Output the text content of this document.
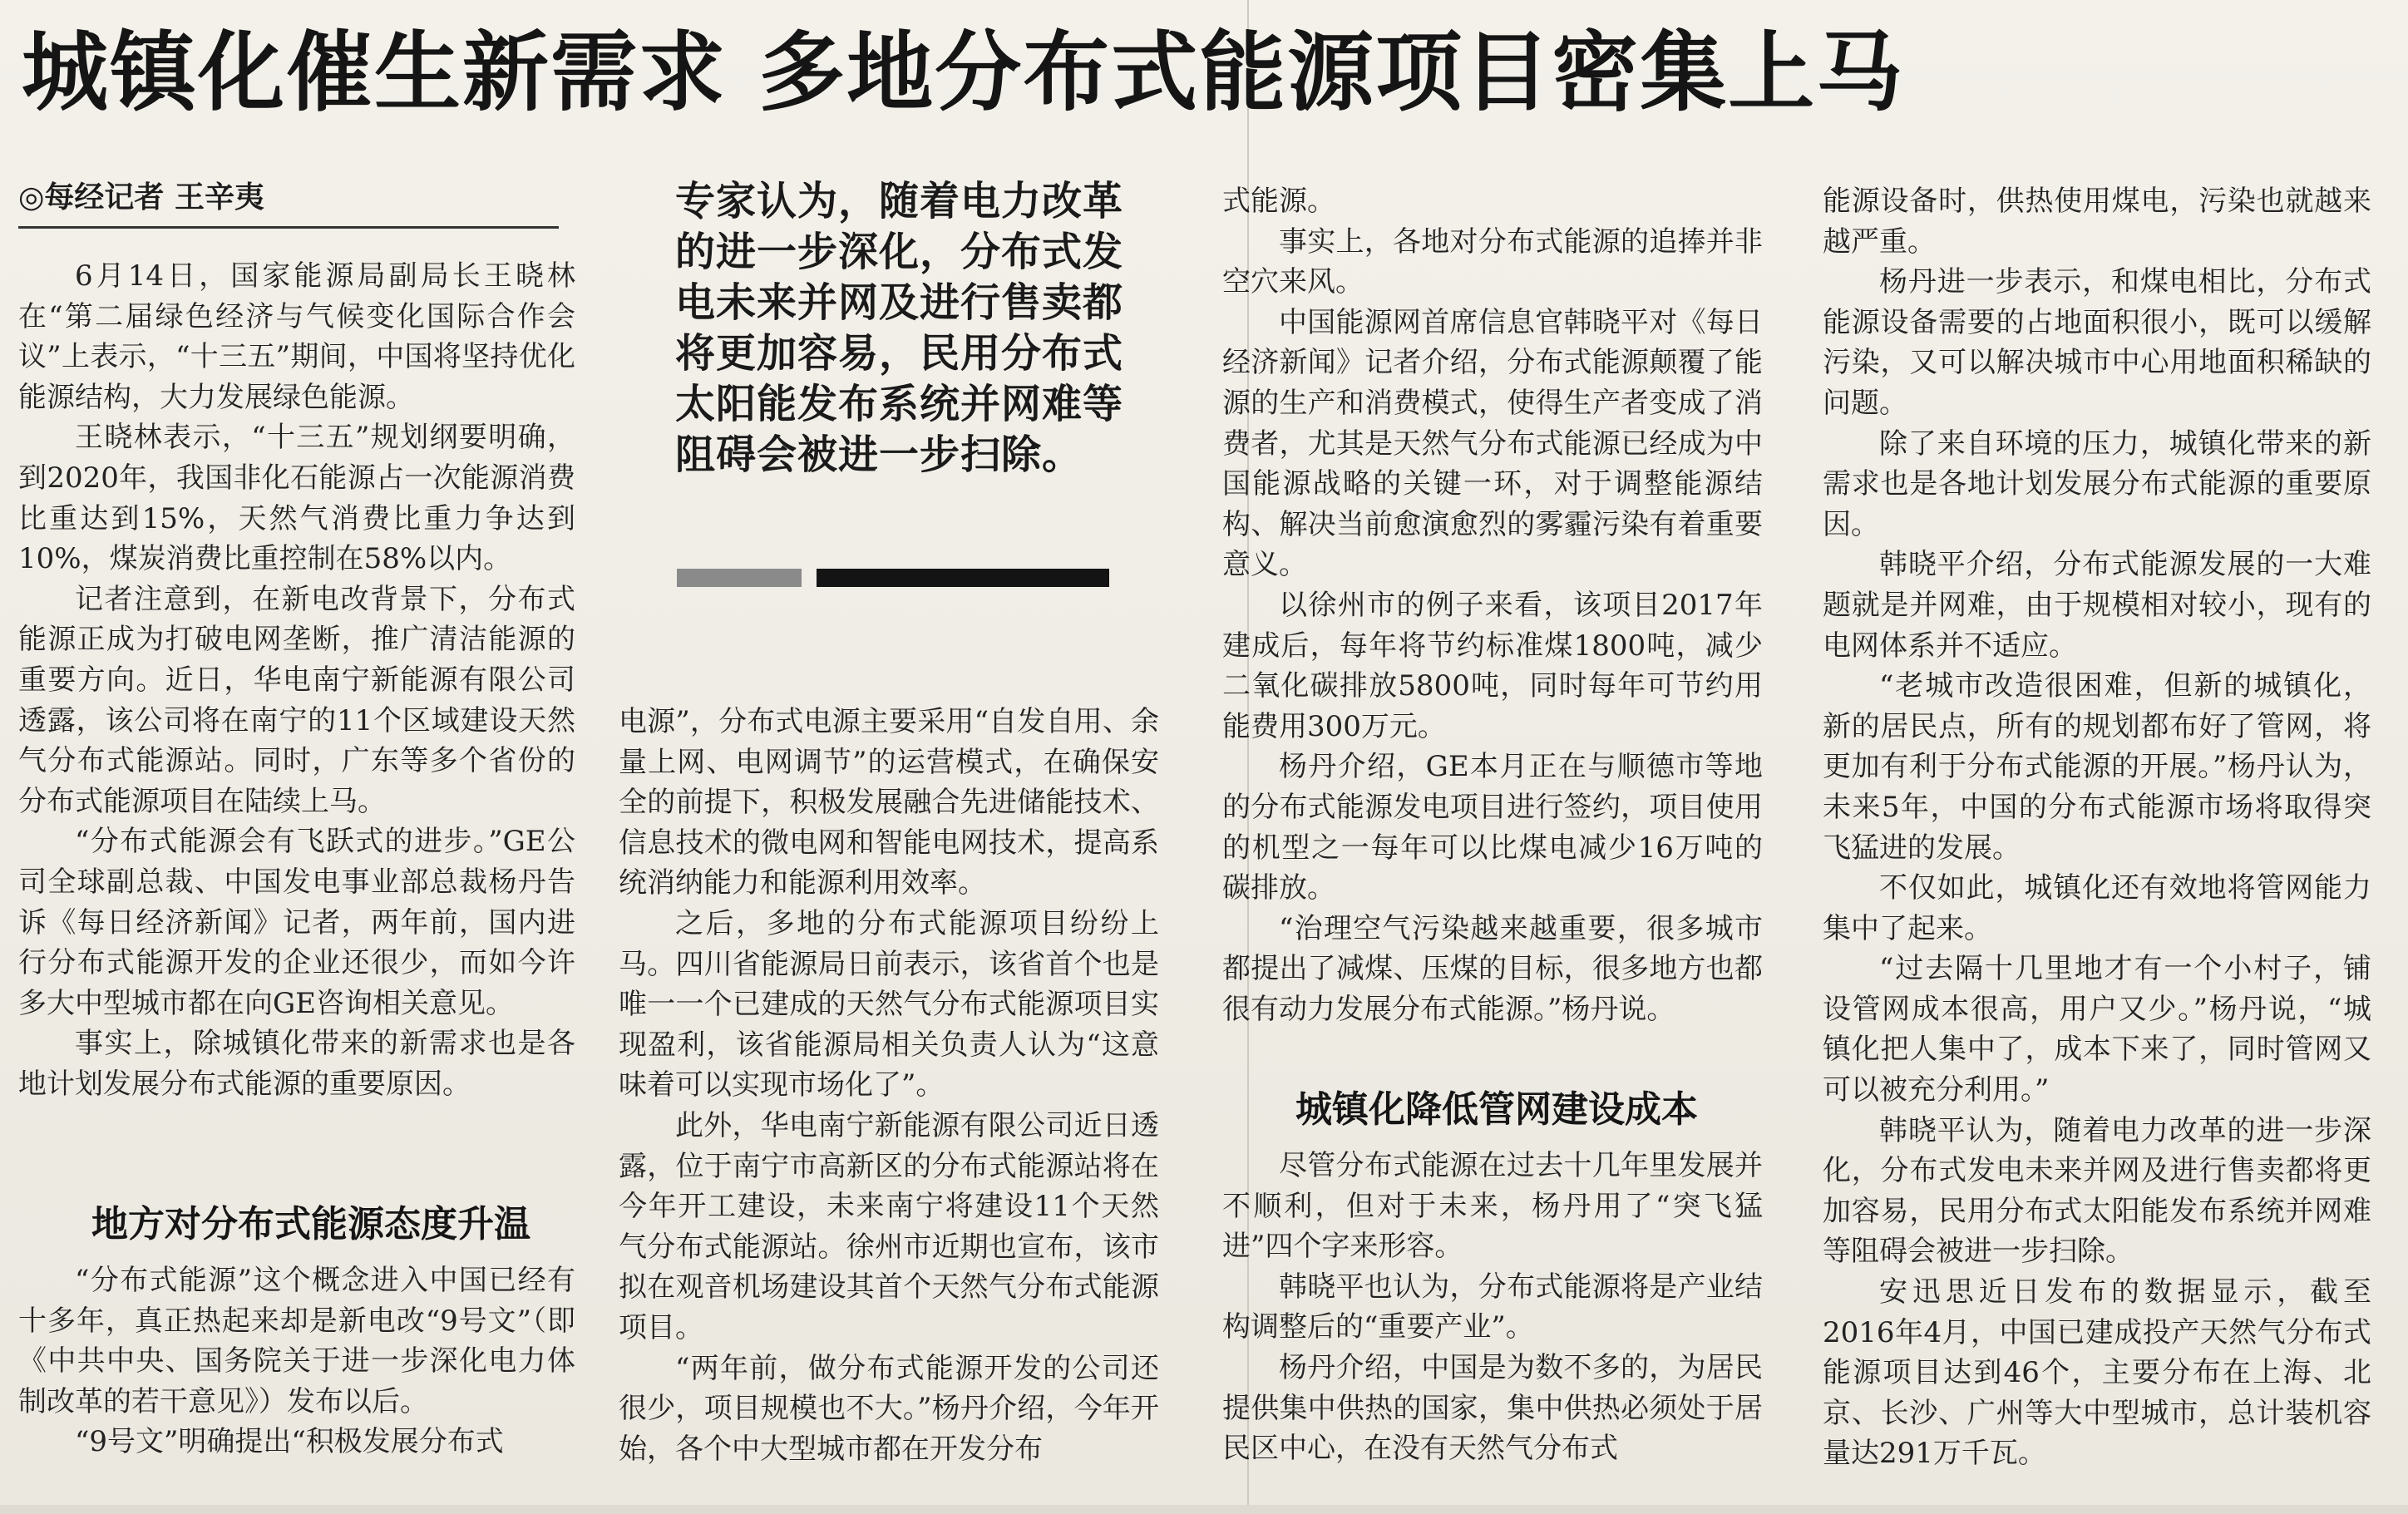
城镇化催生新需求 多地分布式能源项目密集上马
◎每经记者 王辛夷

6月14日，国家能源局副局长王晓林在“第二届绿色经济与气候变化国际合作会议”上表示，“十三五”期间，中国将坚持优化能源结构，大力发展绿色能源。

王晓林表示，“十三五”规划纲要明确，到2020年，我国非化石能源占一次能源消费比重达到15%，天然气消费比重力争达到10%，煤炭消费比重控制在58%以内。

记者注意到，在新电改背景下，分布式能源正成为打破电网垄断，推广清洁能源的重要方向。近日，华电南宁新能源有限公司透露，该公司将在南宁的11个区域建设天然气分布式能源站。同时，广东等多个省份的分布式能源项目在陆续上马。

“分布式能源会有飞跃式的进步。”GE公司全球副总裁、中国发电事业部总裁杨丹告诉《每日经济新闻》记者，两年前，国内进行分布式能源开发的企业还很少，而如今许多大中型城市都在向GE咨询相关意见。

事实上，除城镇化带来的新需求也是各地计划发展分布式能源的重要原因。

地方对分布式能源态度升温

“分布式能源”这个概念进入中国已经有十多年，真正热起来却是新电改“9号文”（即《中共中央、国务院关于进一步深化电力体制改革的若干意见》）发布以后。

“9号文”明确提出“积极发展分布式

专家认为，随着电力改革的进一步深化，分布式发电未来并网及进行售卖都将更加容易，民用分布式太阳能发布系统并网难等阻碍会被进一步扫除。

电源”，分布式电源主要采用“自发自用、余量上网、电网调节”的运营模式，在确保安全的前提下，积极发展融合先进储能技术、信息技术的微电网和智能电网技术，提高系统消纳能力和能源利用效率。

之后，多地的分布式能源项目纷纷上马。四川省能源局日前表示，该省首个也是唯一一个已建成的天然气分布式能源项目实现盈利，该省能源局相关负责人认为“这意味着可以实现市场化了”。

此外，华电南宁新能源有限公司近日透露，位于南宁市高新区的分布式能源站将在今年开工建设，未来南宁将建设11个天然气分布式能源站。徐州市近期也宣布，该市拟在观音机场建设其首个天然气分布式能源项目。

“两年前，做分布式能源开发的公司还很少，项目规模也不大。”杨丹介绍，今年开始，各个中大型城市都在开发分布

式能源。

事实上，各地对分布式能源的追捧并非空穴来风。

中国能源网首席信息官韩晓平对《每日经济新闻》记者介绍，分布式能源颠覆了能源的生产和消费模式，使得生产者变成了消费者，尤其是天然气分布式能源已经成为中国能源战略的关键一环，对于调整能源结构、解决当前愈演愈烈的雾霾污染有着重要意义。

以徐州市的例子来看，该项目2017年建成后，每年将节约标准煤1800吨，减少二氧化碳排放5800吨，同时每年可节约用能费用300万元。

杨丹介绍，GE本月正在与顺德市等地的分布式能源发电项目进行签约，项目使用的机型之一每年可以比煤电减少16万吨的碳排放。

“治理空气污染越来越重要，很多城市都提出了减煤、压煤的目标，很多地方也都很有动力发展分布式能源。”杨丹说。

城镇化降低管网建设成本

尽管分布式能源在过去十几年里发展并不顺利，但对于未来，杨丹用了“突飞猛进”四个字来形容。

韩晓平也认为，分布式能源将是产业结构调整后的“重要产业”。

杨丹介绍，中国是为数不多的，为居民提供集中供热的国家，集中供热必须处于居民区中心，在没有天然气分布式

能源设备时，供热使用煤电，污染也就越来越严重。

杨丹进一步表示，和煤电相比，分布式能源设备需要的占地面积很小，既可以缓解污染，又可以解决城市中心用地面积稀缺的问题。

除了来自环境的压力，城镇化带来的新需求也是各地计划发展分布式能源的重要原因。

韩晓平介绍，分布式能源发展的一大难题就是并网难，由于规模相对较小，现有的电网体系并不适应。

“老城市改造很困难，但新的城镇化，新的居民点，所有的规划都布好了管网，将更加有利于分布式能源的开展。”杨丹认为，未来5年，中国的分布式能源市场将取得突飞猛进的发展。

不仅如此，城镇化还有效地将管网能力集中了起来。

“过去隔十几里地才有一个小村子，铺设管网成本很高，用户又少。”杨丹说，“城镇化把人集中了，成本下来了，同时管网又可以被充分利用。”

韩晓平认为，随着电力改革的进一步深化，分布式发电未来并网及进行售卖都将更加容易，民用分布式太阳能发布系统并网难等阻碍会被进一步扫除。

安迅思近日发布的数据显示，截至2016年4月，中国已建成投产天然气分布式能源项目达到46个，主要分布在上海、北京、长沙、广州等大中型城市，总计装机容量达291万千瓦。
